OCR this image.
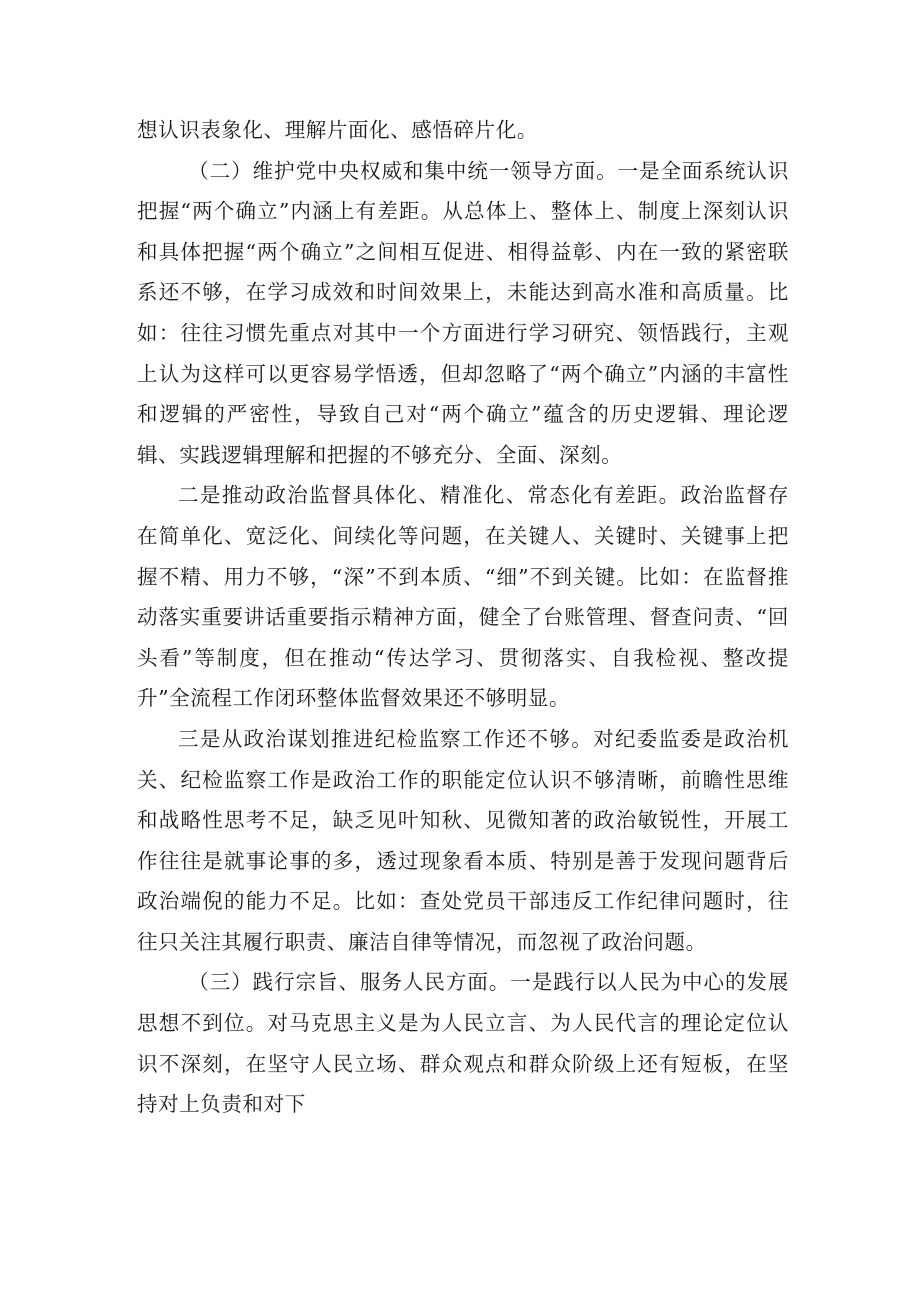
想认识表象化、理解片面化、感悟碎片化。

（二）维护党中央权威和集中统一领导方面。一是全面系统认识把握“两个确立”内涵上有差距。从总体上、整体上、制度上深刻认识和具体把握“两个确立”之间相互促进、相得益彰、内在一致的紧密联系还不够，在学习成效和时间效果上，未能达到高水准和高质量。比如：往往习惯先重点对其中一个方面进行学习研究、领悟践行，主观上认为这样可以更容易学悟透，但却忽略了“两个确立”内涵的丰富性和逻辑的严密性，导致自己对“两个确立”蕴含的历史逻辑、理论逻辑、实践逻辑理解和把握的不够充分、全面、深刻。

二是推动政治监督具体化、精准化、常态化有差距。政治监督存在简单化、宽泛化、间续化等问题，在关键人、关键时、关键事上把握不精、用力不够，“深”不到本质、“细”不到关键。比如：在监督推动落实重要讲话重要指示精神方面，健全了台账管理、督查问责、“回头看”等制度，但在推动“传达学习、贯彻落实、自我检视、整改提升”全流程工作闭环整体监督效果还不够明显。

三是从政治谋划推进纪检监察工作还不够。对纪委监委是政治机关、纪检监察工作是政治工作的职能定位认识不够清晰，前瞻性思维和战略性思考不足，缺乏见叶知秋、见微知著的政治敏锐性，开展工作往往是就事论事的多，透过现象看本质、特别是善于发现问题背后政治端倪的能力不足。比如：查处党员干部违反工作纪律问题时，往往只关注其履行职责、廉洁自律等情况，而忽视了政治问题。

（三）践行宗旨、服务人民方面。一是践行以人民为中心的发展思想不到位。对马克思主义是为人民立言、为人民代言的理论定位认识不深刻，在坚守人民立场、群众观点和群众阶级上还有短板，在坚持对上负责和对下
